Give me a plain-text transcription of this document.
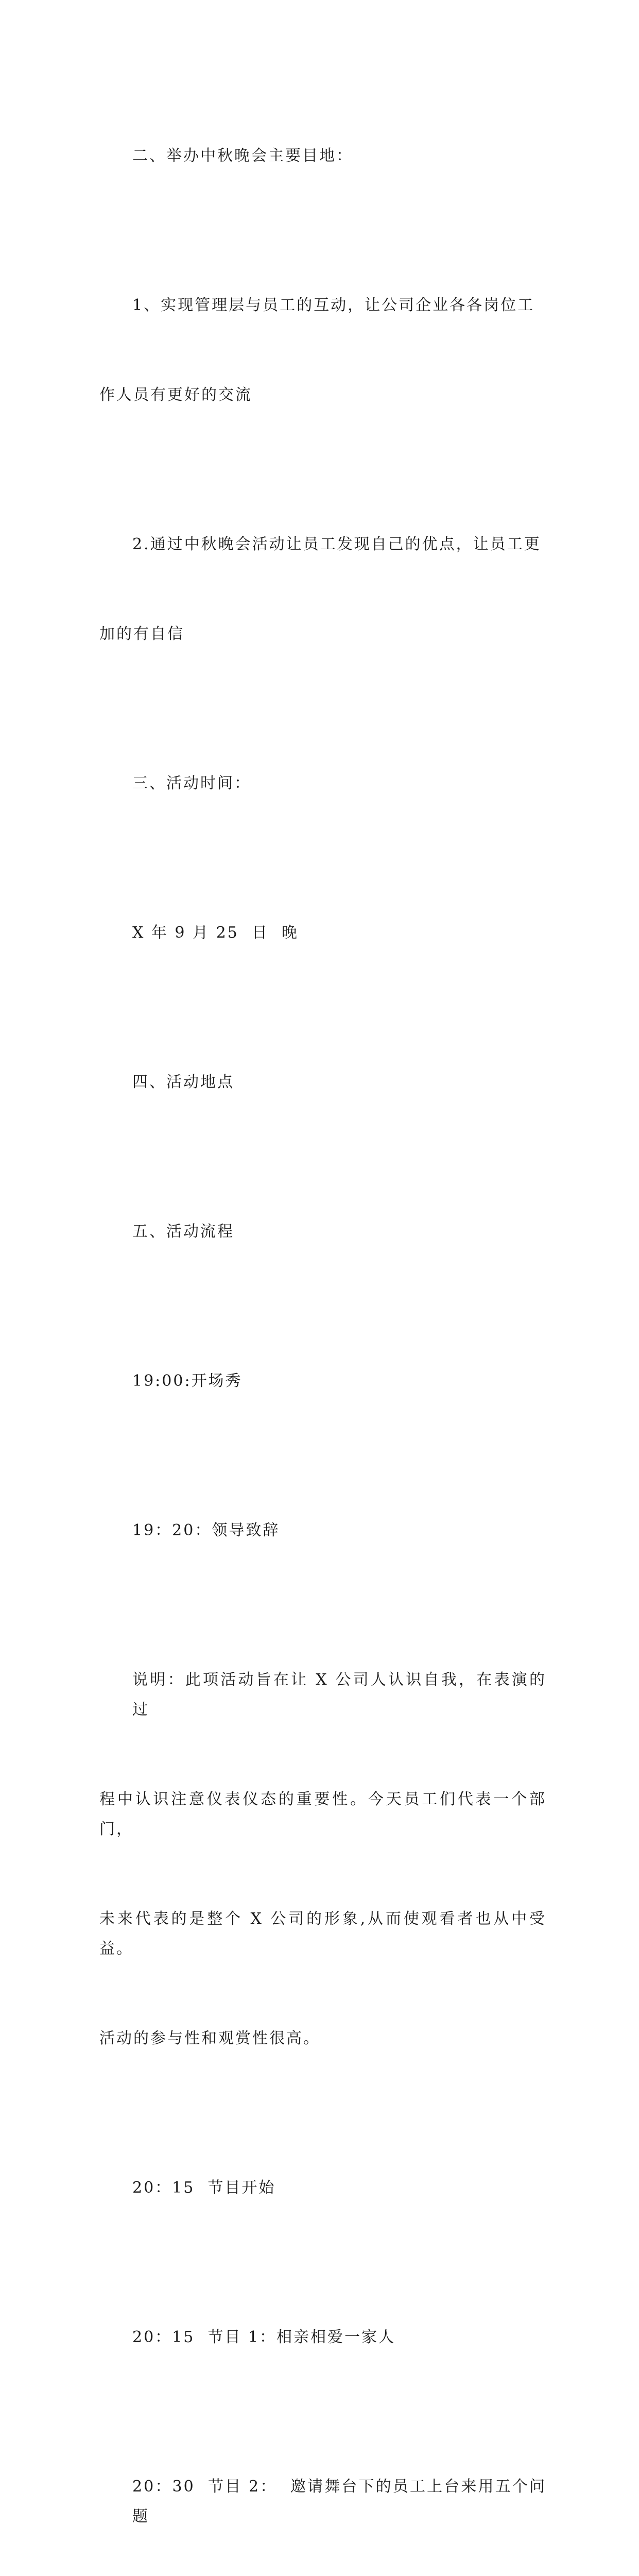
二、举办中秋晚会主要目地：

1、实现管理层与员工的互动，让公司企业各各岗位工

作人员有更好的交流

2.通过中秋晚会活动让员工发现自己的优点，让员工更

加的有自信

三、活动时间：

X 年 9 月 25  日  晚

四、活动地点

五、活动流程

19:00:开场秀

19：20：领导致辞

说明：此项活动旨在让 X 公司人认识自我，在表演的过

程中认识注意仪表仪态的重要性。今天员工们代表一个部门，

未来代表的是整个 X 公司的形象,从而使观看者也从中受益。

活动的参与性和观赏性很高。

20：15  节目开始

20：15  节目 1：相亲相爱一家人

20：30  节目 2：  邀请舞台下的员工上台来用五个问题
